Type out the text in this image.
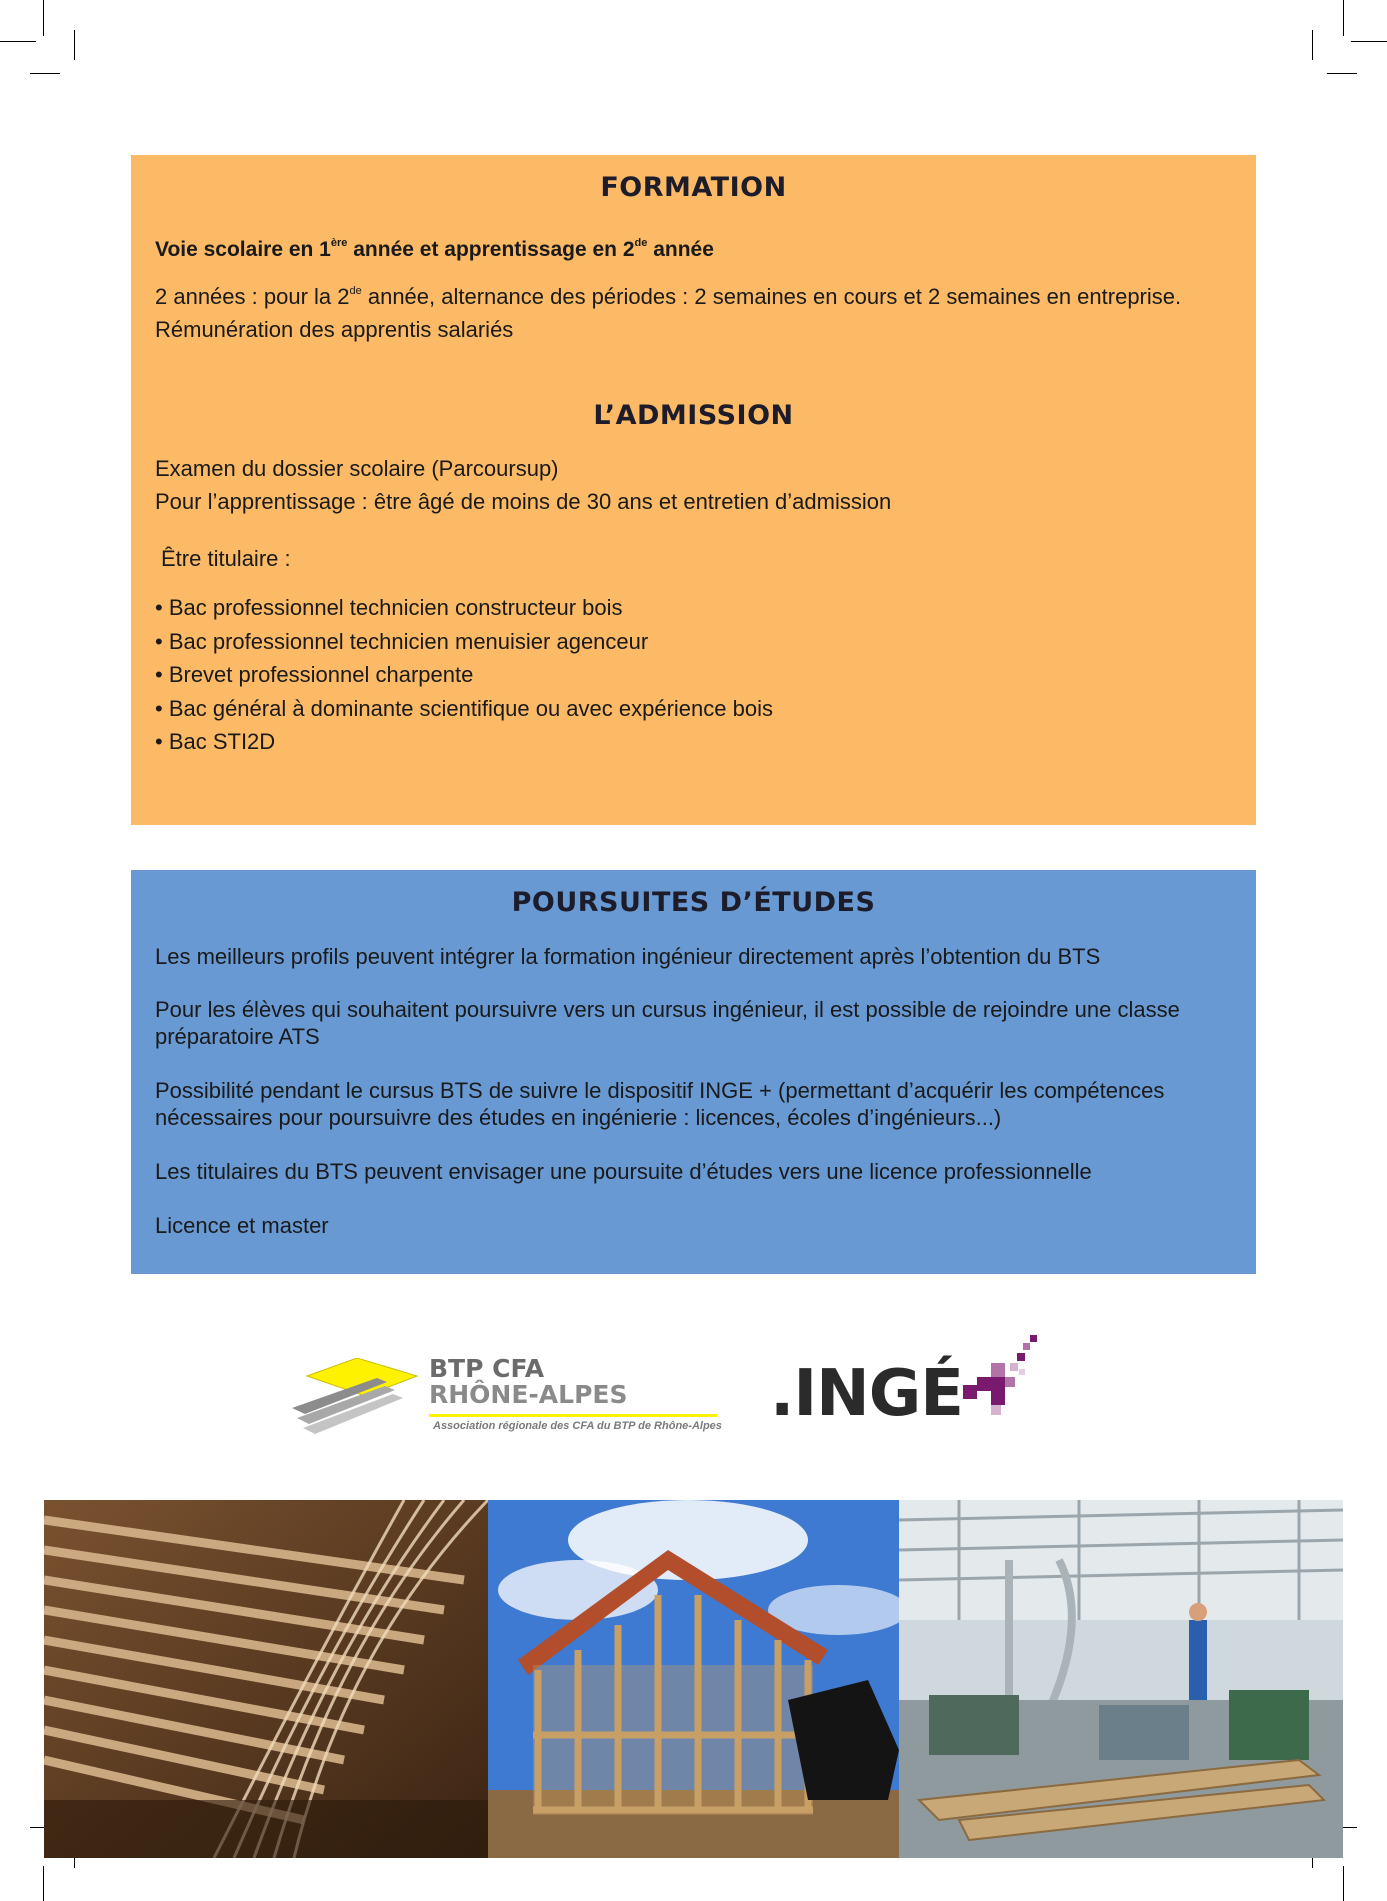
FORMATION

Voie scolaire en 1ère année et apprentissage en 2de année

2 années : pour la 2de année, alternance des périodes : 2 semaines en cours et 2 semaines en entreprise.

Rémunération des apprentis salariés

L’ADMISSION

Examen du dossier scolaire (Parcoursup)

Pour l’apprentissage : être âgé de moins de 30 ans et entretien d’admission

Être titulaire :

• Bac professionnel technicien constructeur bois
• Bac professionnel technicien menuisier agenceur
• Brevet professionnel charpente
• Bac général à dominante scientifique ou avec expérience bois
• Bac STI2D
POURSUITES D’ÉTUDES

Les meilleurs profils peuvent intégrer la formation ingénieur directement après l’obtention du BTS

Pour les élèves qui souhaitent poursuivre vers un cursus ingénieur, il est possible de rejoindre une classe préparatoire ATS

Possibilité pendant le cursus BTS de suivre le dispositif INGE + (permettant d’acquérir les compétences nécessaires pour poursuivre des études en ingénierie : licences, écoles d’ingénieurs...)

Les titulaires du BTS peuvent envisager une poursuite d’études vers une licence professionnelle

Licence et master

BTP CFA
RHÔNE-ALPES
Association régionale des CFA du BTP de Rhône-Alpes .INGÉ
